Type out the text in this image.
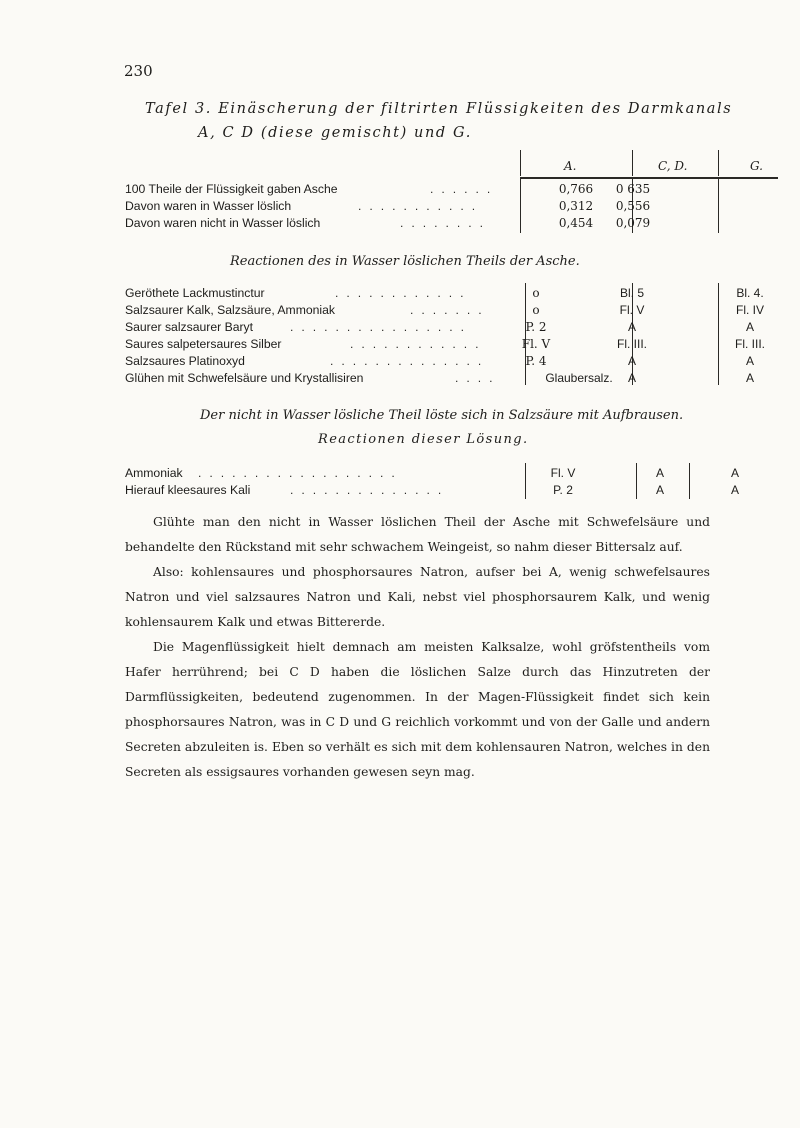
230
Tafel 3. Einäscherung der filtrirten Flüssigkeiten des Darmkanals
A, C D (diese gemischt) und G.
A.	C, D.	G.
100 Theile der Flüssigkeit gaben Asche	. . . . . .	0,766	0 635
Davon waren in Wasser löslich	. . . . . . . . . . .	0,312	0,556
Davon waren nicht in Wasser löslich	. . . . . . . .	0,454	0,079
Reactionen des in Wasser löslichen Theils der Asche.
Geröthete Lackmustinctur	. . . . . . . . . . . .	o	Bl. 5	Bl. 4.
Salzsaurer Kalk, Salzsäure, Ammoniak	. . . . . . .	o	Fl. V	Fl. IV
Saurer salzsaurer Baryt	. . . . . . . . . . . . . . . .	P. 2	A	A
Saures salpetersaures Silber	. . . . . . . . . . . .	Fl. V	Fl. III.	Fl. III.
Salzsaures Platinoxyd	. . . . . . . . . . . . . .	P. 4	A	A
Glühen mit Schwefelsäure und Krystallisiren	. . . .	Glaubersalz.	A	A
Der nicht in Wasser lösliche Theil löste sich in Salzsäure mit Aufbrausen.
Reactionen dieser Lösung.
Ammoniak . . . . . . . . . . . . . . . . . .	Fl. V	A	A
Hierauf kleesaures Kali	. . . . . . . . . . . . . .	P. 2	A	A

Glühte man den nicht in Wasser löslichen Theil der Asche mit Schwefelsäure und behandelte den Rückstand mit sehr schwachem Weingeist, so nahm dieser Bittersalz auf.

Also: kohlensaures und phosphorsaures Natron, aufser bei A, wenig schwefelsaures Natron und viel salzsaures Natron und Kali, nebst viel phosphorsaurem Kalk, und wenig kohlensaurem Kalk und etwas Bittererde.

Die Magenflüssigkeit hielt demnach am meisten Kalksalze, wohl gröfstentheils vom Hafer herrührend; bei C D haben die löslichen Salze durch das Hinzutreten der Darmflüssigkeiten, bedeutend zugenommen. In der Magen-Flüssigkeit findet sich kein phosphorsaures Natron, was in C D und G reichlich vorkommt und von der Galle und andern Secreten abzuleiten is. Eben so verhält es sich mit dem kohlensauren Natron, welches in den Secreten als essigsaures vorhanden gewesen seyn mag.
